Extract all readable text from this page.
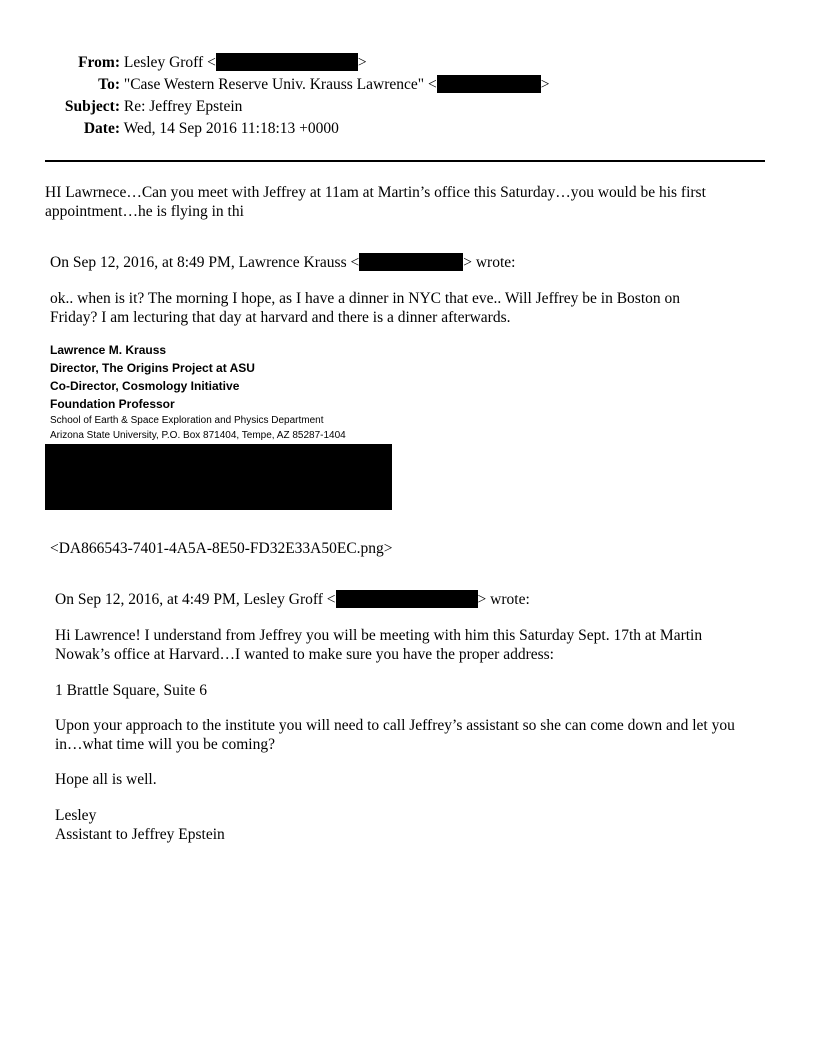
From: Lesley Groff <	>
To: "Case Western Reserve Univ. Krauss Lawrence" <	>
Subject: Re: Jeffrey Epstein
Date: Wed, 14 Sep 2016 11:18:13 +0000
HI Lawrnece…Can you meet with Jeffrey at 11am at Martin’s office this Saturday…you would be his first
appointment…he is flying in thi
On Sep 12, 2016, at 8:49 PM, Lawrence Krauss <	> wrote:
ok.. when is it? The morning I hope, as I have a dinner in NYC that eve.. Will Jeffrey be in Boston on
Friday? I am lecturing that day at harvard and there is a dinner afterwards.
Lawrence M. Krauss
Director, The Origins Project at ASU
Co-Director, Cosmology Initiative
Foundation Professor
School of Earth & Space Exploration and Physics Department
Arizona State University, P.O. Box 871404, Tempe, AZ 85287-1404
<DA866543-7401-4A5A-8E50-FD32E33A50EC.png>
On Sep 12, 2016, at 4:49 PM, Lesley Groff <	> wrote:
Hi Lawrence! I understand from Jeffrey you will be meeting with him this Saturday Sept. 17th at Martin
Nowak’s office at Harvard…I wanted to make sure you have the proper address:
1 Brattle Square, Suite 6
Upon your approach to the institute you will need to call Jeffrey’s assistant so she can come down and let you
in…what time will you be coming?
Hope all is well.
Lesley
Assistant to Jeffrey Epstein
